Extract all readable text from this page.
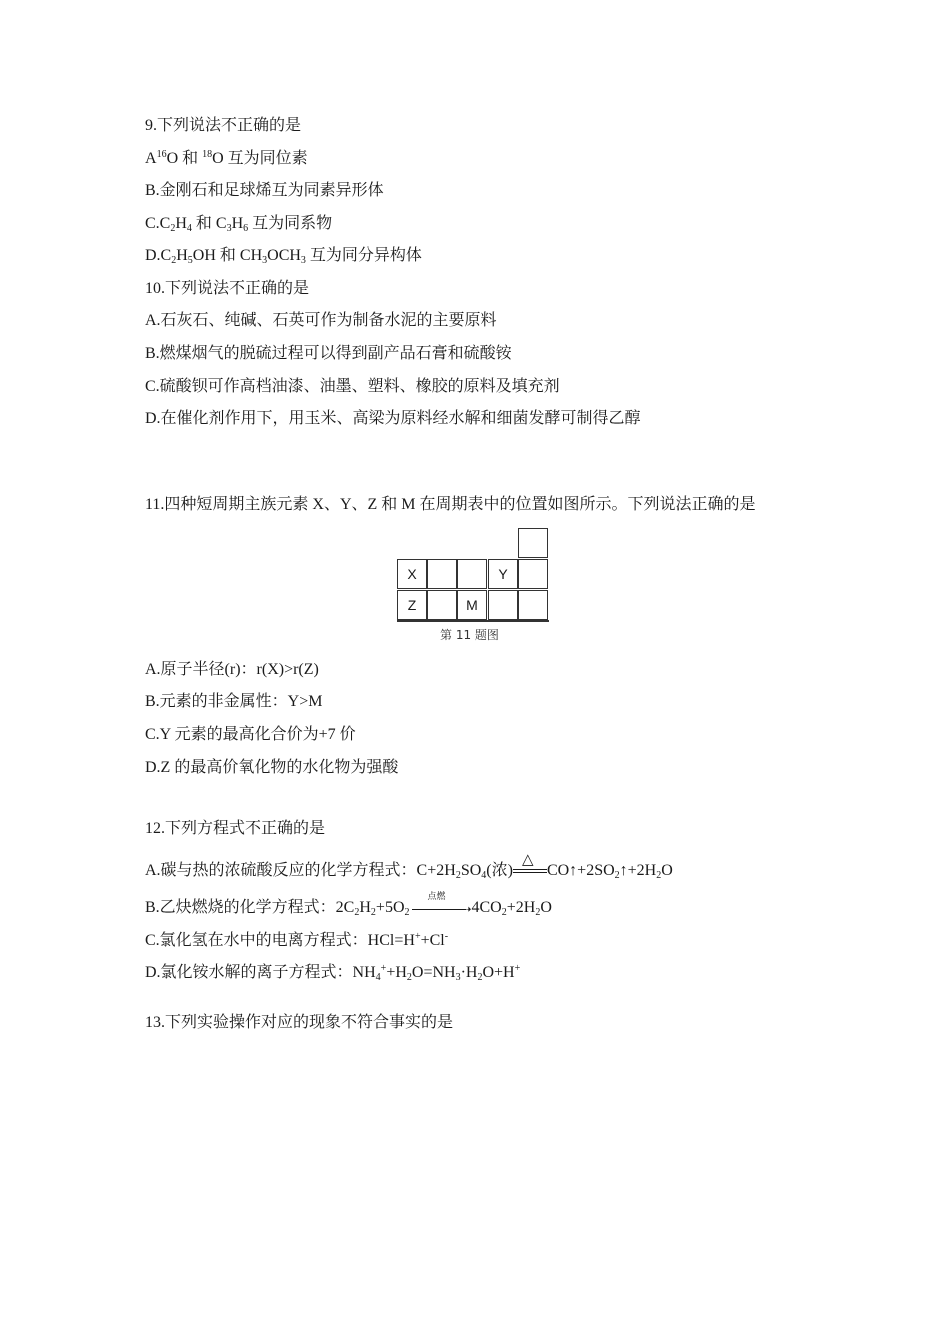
9.下列说法不正确的是
$A^{16}O$ 和 $^{18}$O 互为同位素
B.金刚石和足球烯互为同素异形体
$C.C_2H_4$ 和 $C_3H_6$ 互为同系物
$D.C_2H_5OH$ 和 $CH_3OCH_3$ 互为同分异构体
10.下列说法不正确的是
A.石灰石、纯碱、石英可作为制备水泥的主要原料
B.燃煤烟气的脱硫过程可以得到副产品石膏和硫酸铵
C.硫酸钡可作高档油漆、油墨、塑料、橡胶的原料及填充剂
D.在催化剂作用下，用玉米、高梁为原料经水解和细菌发酵可制得乙醇
11.四种短周期主族元素 X、Y、Z 和 M 在周期表中的位置如图所示。下列说法正确的是
X	Y
Z	M
第 11 题图
A.原子半径(r)：r(X)>r(Z)
B.元素的非金属性：Y>M
C.Y 元素的最高化合价为+7 价
D.Z 的最高价氧化物的水化物为强酸
12.下列方程式不正确的是
A.碳与热的浓硫酸反应的化学方程式：$C+2H_2SO_4$(浓)
△
$CO↑+2SO_2↑+2H_2O$
B.乙炔燃烧的化学方程式：$2C_2H_2+5O_2$
点燃
➝ $4CO_2+2H_2O$
C.氯化氢在水中的电离方程式：HCl=H++Cl-
D.氯化铵水解的离子方程式：$NH_4^++H_2O=NH_3\cdot H_2O+H^+$
13.下列实验操作对应的现象不符合事实的是
